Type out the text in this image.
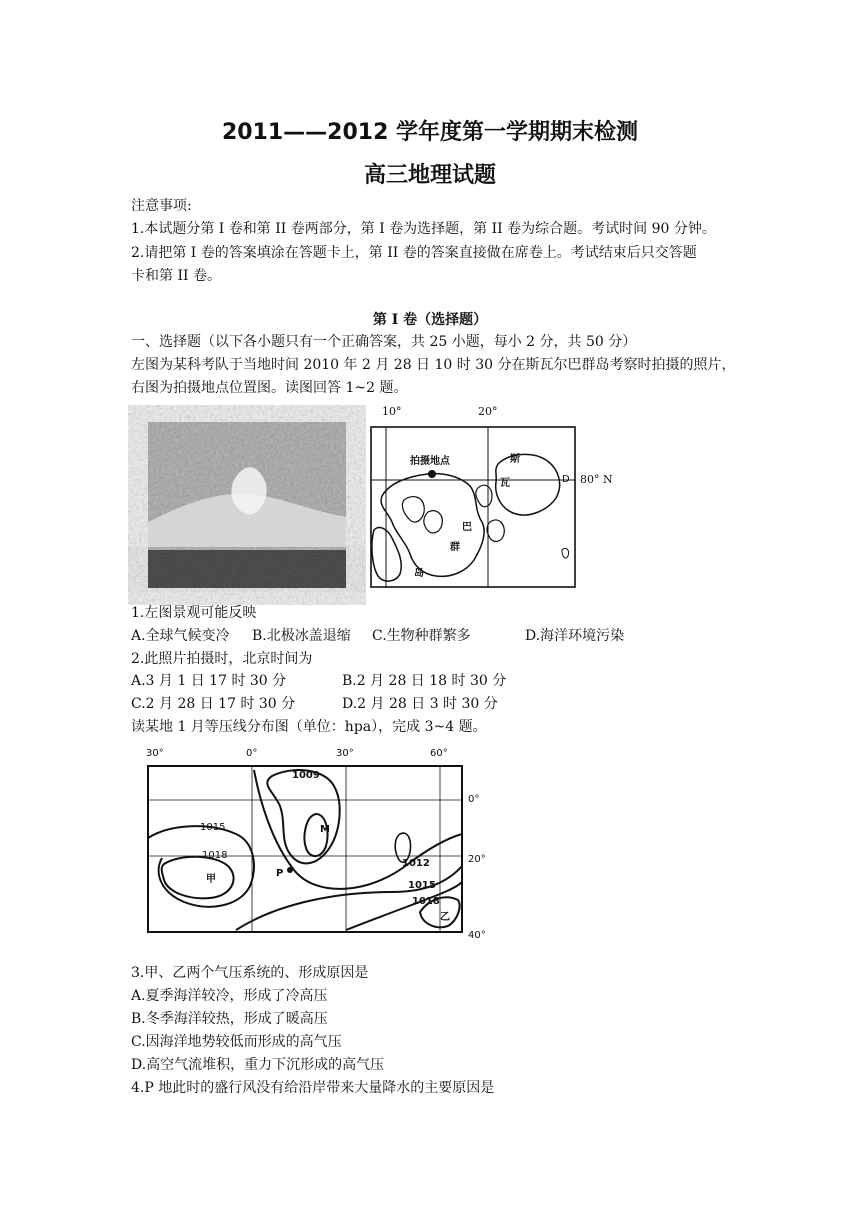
2011——2012 学年度第一学期期末检测
高三地理试题
注意事项:
1.本试题分第 I 卷和第 II 卷两部分，第 I 卷为选择题，第 II 卷为综合题。考试时间 90 分钟。
2.请把第 I 卷的答案填涂在答题卡上，第 II 卷的答案直接做在席卷上。考试结束后只交答题
卡和第 II 卷。
第 I 卷（选择题）
一、选择题（以下各小题只有一个正确答案，共 25 小题，每小 2 分，共 50 分）
左图为某科考队于当地时间 2010 年 2 月 28 日 10 时 30 分在斯瓦尔巴群岛考察时拍摄的照片，
右图为拍摄地点位置图。读图回答 1~2 题。
10°	20°
80° N
拍摄地点	斯
瓦
巴
群
岛
D
1.左图景观可能反映
A.全球气候变冷 B.北极冰盖退缩 C.生物种群繁多	D.海洋环境污染
2.此照片拍摄时，北京时间为
A.3 月 1 日 17 时 30 分	B.2 月 28 日 18 时 30 分
C.2 月 28 日 17 时 30 分	D.2 月 28 日 3 时 30 分
读某地 1 月等压线分布图（单位：hpa），完成 3~4 题。
30°	0°	30°	60°
0°
20°
40°
1009
1015
1018
1012
1015
1018
M
P
甲
乙
3.甲、乙两个气压系统的、形成原因是
A.夏季海洋较冷，形成了冷高压
B.冬季海洋较热，形成了暖高压
C.因海洋地势较低而形成的高气压
D.高空气流堆积，重力下沉形成的高气压
4.P 地此时的盛行风没有给沿岸带来大量降水的主要原因是
